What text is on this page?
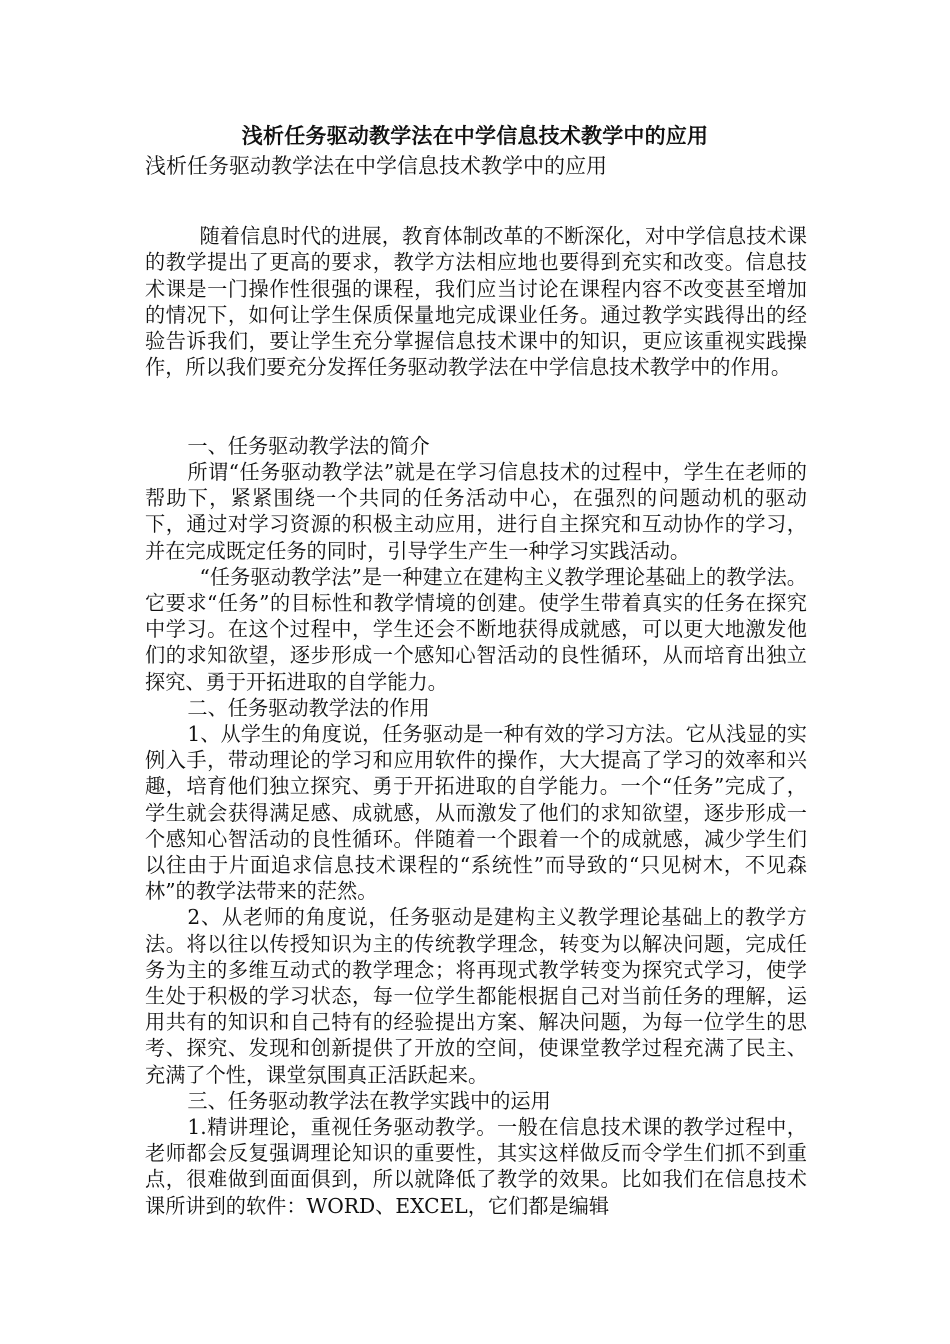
浅析任务驱动教学法在中学信息技术教学中的应用
浅析任务驱动教学法在中学信息技术教学中的应用

随着信息时代的进展，教育体制改革的不断深化，对中学信息技术课的教学提出了更高的要求，教学方法相应地也要得到充实和改变。信息技术课是一门操作性很强的课程，我们应当讨论在课程内容不改变甚至增加的情况下，如何让学生保质保量地完成课业任务。通过教学实践得出的经验告诉我们，要让学生充分掌握信息技术课中的知识，更应该重视实践操作，所以我们要充分发挥任务驱动教学法在中学信息技术教学中的作用。

一、任务驱动教学法的简介

所谓“任务驱动教学法”就是在学习信息技术的过程中，学生在老师的帮助下，紧紧围绕一个共同的任务活动中心，在强烈的问题动机的驱动下，通过对学习资源的积极主动应用，进行自主探究和互动协作的学习，并在完成既定任务的同时，引导学生产生一种学习实践活动。

“任务驱动教学法”是一种建立在建构主义教学理论基础上的教学法。它要求“任务”的目标性和教学情境的创建。使学生带着真实的任务在探究中学习。在这个过程中，学生还会不断地获得成就感，可以更大地激发他们的求知欲望，逐步形成一个感知心智活动的良性循环，从而培育出独立探究、勇于开拓进取的自学能力。

二、任务驱动教学法的作用

1、从学生的角度说，任务驱动是一种有效的学习方法。它从浅显的实例入手，带动理论的学习和应用软件的操作，大大提高了学习的效率和兴趣，培育他们独立探究、勇于开拓进取的自学能力。一个“任务”完成了，学生就会获得满足感、成就感，从而激发了他们的求知欲望，逐步形成一个感知心智活动的良性循环。伴随着一个跟着一个的成就感，减少学生们以往由于片面追求信息技术课程的“系统性”而导致的“只见树木，不见森林”的教学法带来的茫然。

2、从老师的角度说，任务驱动是建构主义教学理论基础上的教学方法。将以往以传授知识为主的传统教学理念，转变为以解决问题，完成任务为主的多维互动式的教学理念；将再现式教学转变为探究式学习，使学生处于积极的学习状态，每一位学生都能根据自己对当前任务的理解，运用共有的知识和自己特有的经验提出方案、解决问题，为每一位学生的思考、探究、发现和创新提供了开放的空间，使课堂教学过程充满了民主、充满了个性，课堂氛围真正活跃起来。

三、任务驱动教学法在教学实践中的运用

1.精讲理论，重视任务驱动教学。一般在信息技术课的教学过程中，老师都会反复强调理论知识的重要性，其实这样做反而令学生们抓不到重点，很难做到面面俱到，所以就降低了教学的效果。比如我们在信息技术课所讲到的软件：WORD、EXCEL，它们都是编辑
